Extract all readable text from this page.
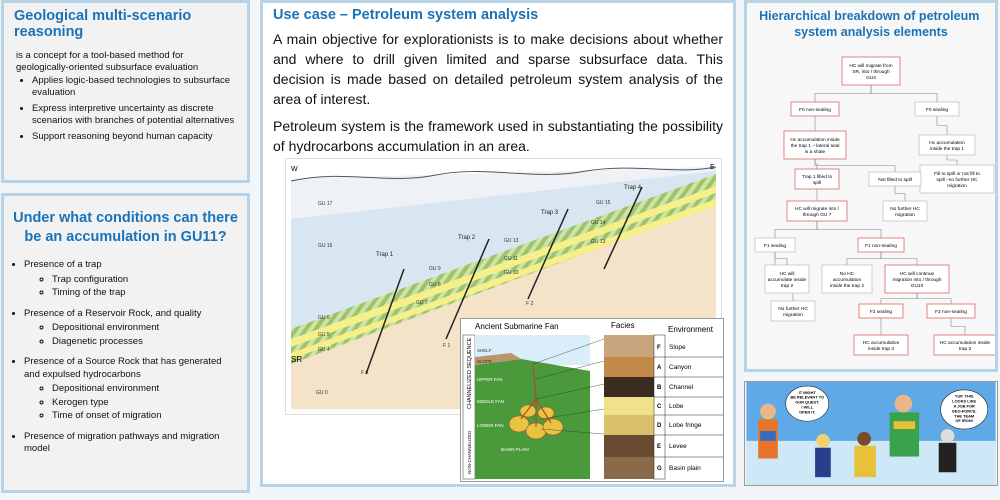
Geological multi-scenario reasoning
is a concept for a tool-based method for geologically-oriented subsurface evaluation
• Applies logic-based technologies to subsurface evaluation
• Express interpretive uncertainty as discrete scenarios with branches of potential alternatives
• Support reasoning beyond human capacity
Under what conditions can there be an accumulation in GU11?
• Presence of a trap
◦ Trap configuration
◦ Timing of the trap
• Presence of a Reservoir Rock, and quality
◦ Depositional environment
◦ Diagenetic processes
• Presence of a Source Rock that has generated and expulsed hydrocarbons
◦ Depositional environment
◦ Kerogen type
◦ Time of onset of migration
• Presence of migration pathways and migration model
Use case – Petroleum system analysis

A main objective for explorationists is to make decisions about whether and where to drill given limited and sparse subsurface data. This decision is made based on detailed petroleum system analysis of the area of interest.

Petroleum system is the framework used in substantiating the possibility of hydrocarbons accumulation in an area.

W	E
SR
GU 17
GU 16
GU 15
GU 14
GU 13	GU 13
GU 11
GU 10
GU 9
GU 8
GU 7
GU 6
GU 5
GU 4
GU 0
Trap 1
Trap 2
Trap 3
Trap 4
F 0
F 1
F 2
Ancient Submarine Fan	Facies	Environment
CHANNELIZED SEQUENCE
NON-CHANNELIZED
SHELF
SLOPE
UPPER FAN
MIDDLE FAN
LOWER FAN
BASIN PLAIN
F
A
B
C
D
E
G
Slope
Canyon
Channel
Lobe
Lobe fringe
Levee
Basin plain
Hierarchical breakdown of petroleum system analysis elements
HC will migrate from
SR, into / through
GU4
F0 non-sealing	F0 sealing
Hc accumulation inside
the trap 1 – lateral seal
is a shale
Hc accumulation
inside the trap 1
Fill to spill or not fill to
spill –no further HC
migration
Trap 1 filled to
spill
Not filled to spill
HC will migrate into /
through GU 7
No further HC
migration
F1 sealing	F1 non-sealing
HC will
accumulate inside
trap 2
No HC
accumulation
inside the trap 2
HC will continue
migration into / through
GU10
No further HC
migration
F2 sealing	F2 non-sealing
HC accumulation
inside trap 3
HC accumulation inside
trap 3
IT MIGHT
BE RELEVANT TO
OUR QUEST.
I WILL
OPEN IT.
YUP. THIS
LOOKS LIKE
A JOB FOR
GEO-FORCE.
THE TEAM
OF IRON!
